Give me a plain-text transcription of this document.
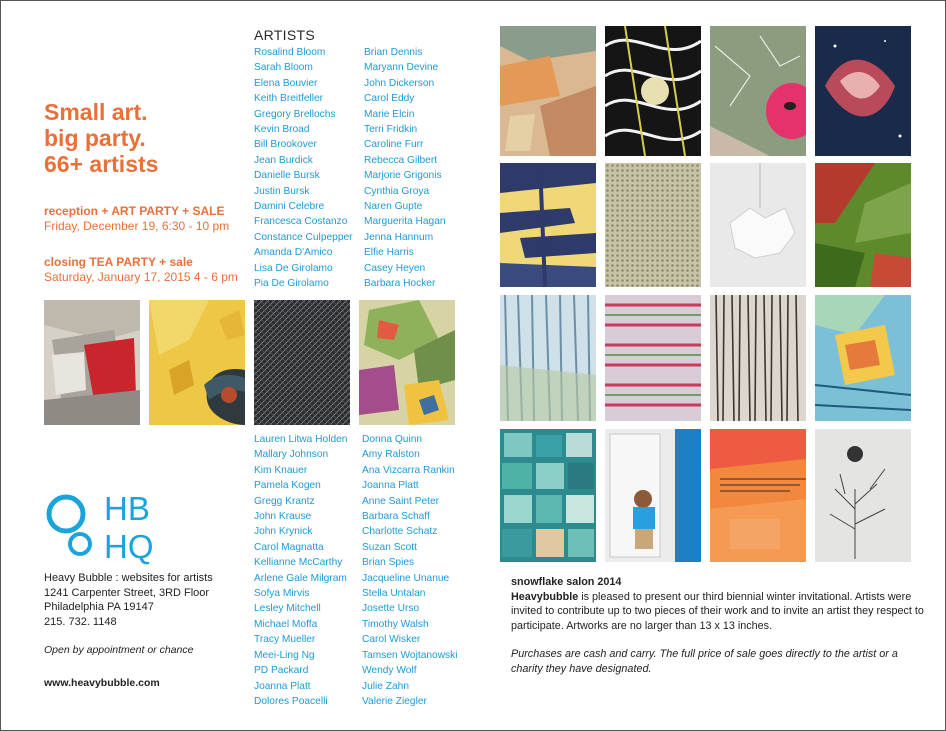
Small art.
big party.
66+ artists
reception + ART PARTY + SALE
Friday, December 19, 6:30 - 10 pm
closing TEA PARTY + sale
Saturday, January 17, 2015 4 - 6 pm
ARTISTS
Rosalind Bloom
Sarah Bloom
Elena Bouvier
Keith Breitfeller
Gregory Brellochs
Kevin Broad
Bill Brookover
Jean Burdick
Danielle Bursk
Justin Bursk
Damini Celebre
Francesca Costanzo
Constance Culpepper
Amanda D'Amico
Lisa De Girolamo
Pia De Girolamo
Brian Dennis
Maryann Devine
John Dickerson
Carol Eddy
Marie Elcin
Terri Fridkin
Caroline Furr
Rebecca Gilbert
Marjorie Grigonis
Cynthia Groya
Naren Gupte
Marguerita Hagan
Jenna Hannum
Elfie Harris
Casey Heyen
Barbara Hocker
Lauren Litwa Holden
Mallary Johnson
Kim Knauer
Pamela Kogen
Gregg Krantz
John Krause
John Krynick
Carol Magnatta
Kellianne McCarthy
Arlene Gale Milgram
Sofya Mirvis
Lesley Mitchell
Michael Moffa
Tracy Mueller
Meei-Ling Ng
PD Packard
Joanna Platt
Dolores Poacelli
Donna Quinn
Amy Ralston
Ana Vizcarra Rankin
Joanna Platt
Anne Saint Peter
Barbara Schaff
Charlotte Schatz
Suzan Scott
Brian Spies
Jacqueline Unanue
Stella Untalan
Josette Urso
Timothy Walsh
Carol Wisker
Tamsen Wojtanowski
Wendy Wolf
Julie Zahn
Valerie Ziegler
HB
HQ
Heavy Bubble : websites for artists
1241 Carpenter Street, 3RD Floor
Philadelphia PA 19147
215. 732. 1148
Open by appointment or chance
www.heavybubble.com
snowflake salon 2014
Heavybubble is pleased to present our third biennial winter invitational. Artists were invited to contribute up to two pieces of their work and to invite an artist they respect to participate. Artworks are no larger than 13 x 13 inches.
Purchases are cash and carry. The full price of sale goes directly to the artist or a charity they have designated.
